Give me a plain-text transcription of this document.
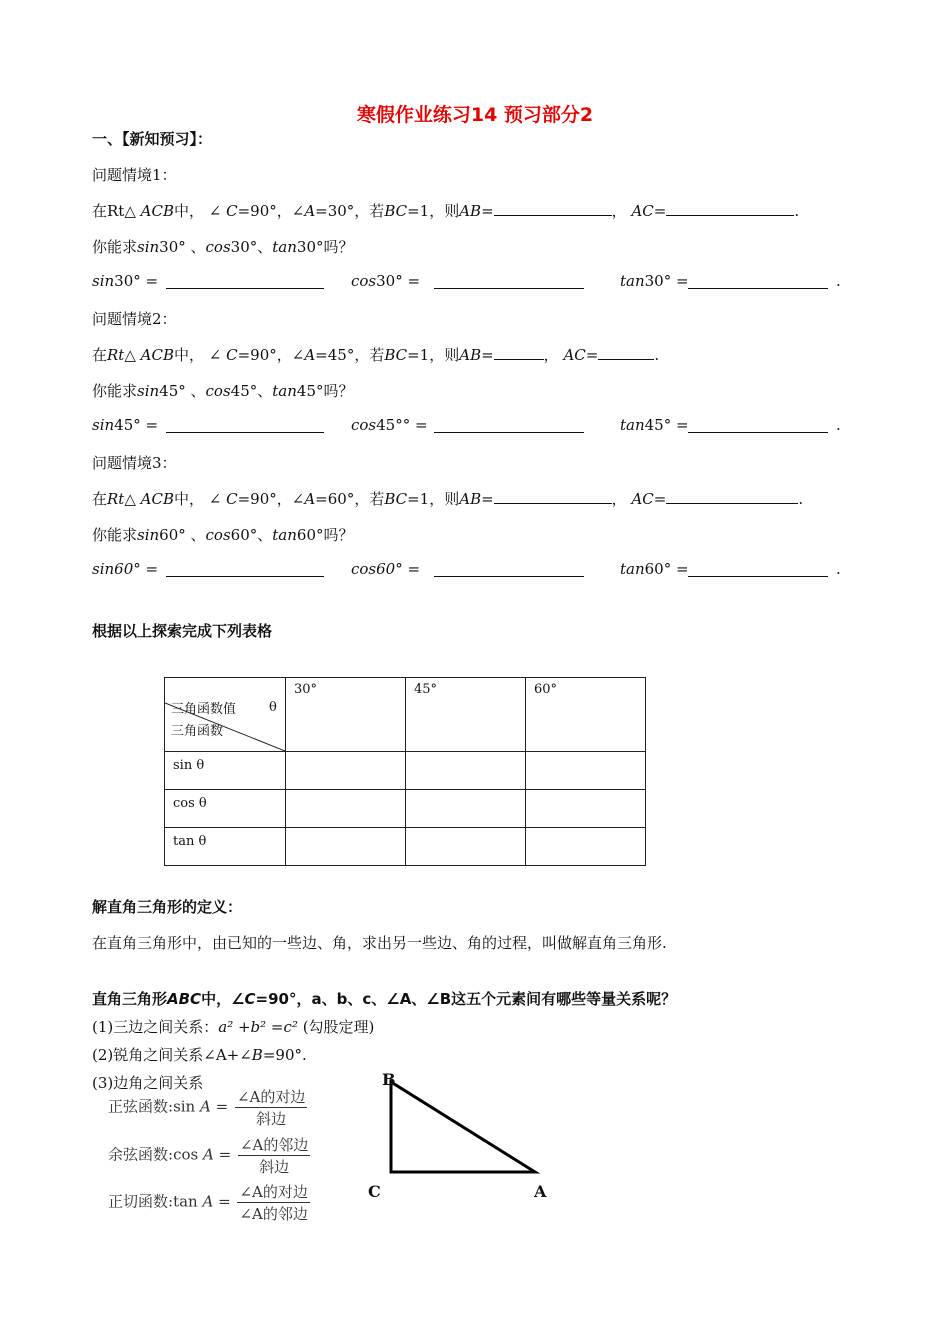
寒假作业练习14 预习部分2
一、【新知预习】：
问题情境1：
在Rt△ ACB中， ∠ C=90°，∠A=30°，若BC=1，则AB=	， AC=	.
你能求sin30° 、cos30°、tan30°吗？
sin30° =	cos30° =	tan30° =	.
问题情境2：
在Rt△ ACB中， ∠ C=90°，∠A=45°，若BC=1，则AB=	， AC=	.
你能求sin45° 、cos45°、tan45°吗？
sin45° =	cos45°° =	tan45° =	.
问题情境3：
在Rt△ ACB中， ∠ C=90°，∠A=60°，若BC=1，则AB=	， AC=	.
你能求sin60° 、cos60°、tan60°吗？
sin60° =	cos60° =	tan60° =	.
根据以上探索完成下列表格
三角函数值 θ
三角函数	30°	45°	60°
sin θ			
cos θ			
tan θ			
解直角三角形的定义：
在直角三角形中，由已知的一些边、角，求出另一些边、角的过程，叫做解直角三角形.
直角三角形ABC中，∠C=90°，a、b、c、∠A、∠B这五个元素间有哪些等量关系呢？
(1)三边之间关系：a² +b² =c² (勾股定理)
(2)锐角之间关系∠A+∠B=90°.
(3)边角之间关系
正弦函数:sin $A = \frac{\text{∠A的对边}}{\text{斜边}}$
余弦函数:cos $A = \frac{\text{∠A的邻边}}{\text{斜边}}$
正切函数:tan $A = \frac{\text{∠A的对边}}{\text{∠A的邻边}}$
B
C	A
